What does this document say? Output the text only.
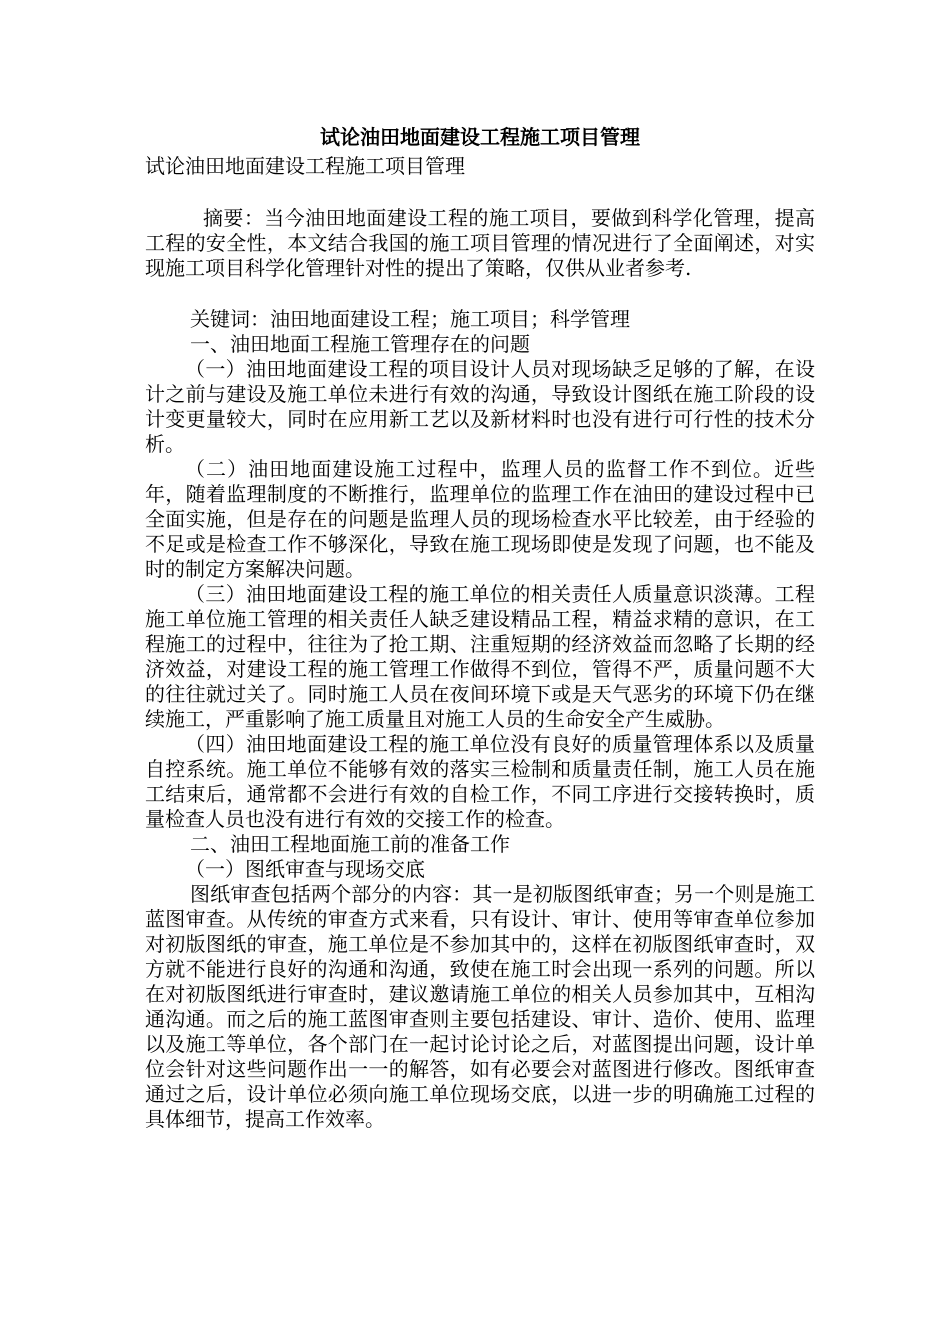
试论油田地面建设工程施工项目管理

试论油田地面建设工程施工项目管理

摘要：当今油田地面建设工程的施工项目，要做到科学化管理，提高工程的安全性，本文结合我国的施工项目管理的情况进行了全面阐述，对实现施工项目科学化管理针对性的提出了策略，仅供从业者参考.

关键词：油田地面建设工程；施工项目；科学管理

一、油田地面工程施工管理存在的问题

（一）油田地面建设工程的项目设计人员对现场缺乏足够的了解，在设计之前与建设及施工单位未进行有效的沟通，导致设计图纸在施工阶段的设计变更量较大，同时在应用新工艺以及新材料时也没有进行可行性的技术分析。

（二）油田地面建设施工过程中，监理人员的监督工作不到位。近些年，随着监理制度的不断推行，监理单位的监理工作在油田的建设过程中已全面实施，但是存在的问题是监理人员的现场检查水平比较差，由于经验的不足或是检查工作不够深化，导致在施工现场即使是发现了问题，也不能及时的制定方案解决问题。

（三）油田地面建设工程的施工单位的相关责任人质量意识淡薄。工程施工单位施工管理的相关责任人缺乏建设精品工程，精益求精的意识，在工程施工的过程中，往往为了抢工期、注重短期的经济效益而忽略了长期的经济效益，对建设工程的施工管理工作做得不到位，管得不严，质量问题不大的往往就过关了。同时施工人员在夜间环境下或是天气恶劣的环境下仍在继续施工，严重影响了施工质量且对施工人员的生命安全产生威胁。

（四）油田地面建设工程的施工单位没有良好的质量管理体系以及质量自控系统。施工单位不能够有效的落实三检制和质量责任制，施工人员在施工结束后，通常都不会进行有效的自检工作，不同工序进行交接转换时，质量检查人员也没有进行有效的交接工作的检查。

二、油田工程地面施工前的准备工作

（一）图纸审查与现场交底

图纸审查包括两个部分的内容：其一是初版图纸审查；另一个则是施工蓝图审查。从传统的审查方式来看，只有设计、审计、使用等审查单位参加对初版图纸的审查，施工单位是不参加其中的，这样在初版图纸审查时，双方就不能进行良好的沟通和沟通，致使在施工时会出现一系列的问题。所以在对初版图纸进行审查时，建议邀请施工单位的相关人员参加其中，互相沟通沟通。而之后的施工蓝图审查则主要包括建设、审计、造价、使用、监理以及施工等单位，各个部门在一起讨论讨论之后，对蓝图提出问题，设计单位会针对这些问题作出一一的解答，如有必要会对蓝图进行修改。图纸审查通过之后，设计单位必须向施工单位现场交底，以进一步的明确施工过程的具体细节，提高工作效率。
